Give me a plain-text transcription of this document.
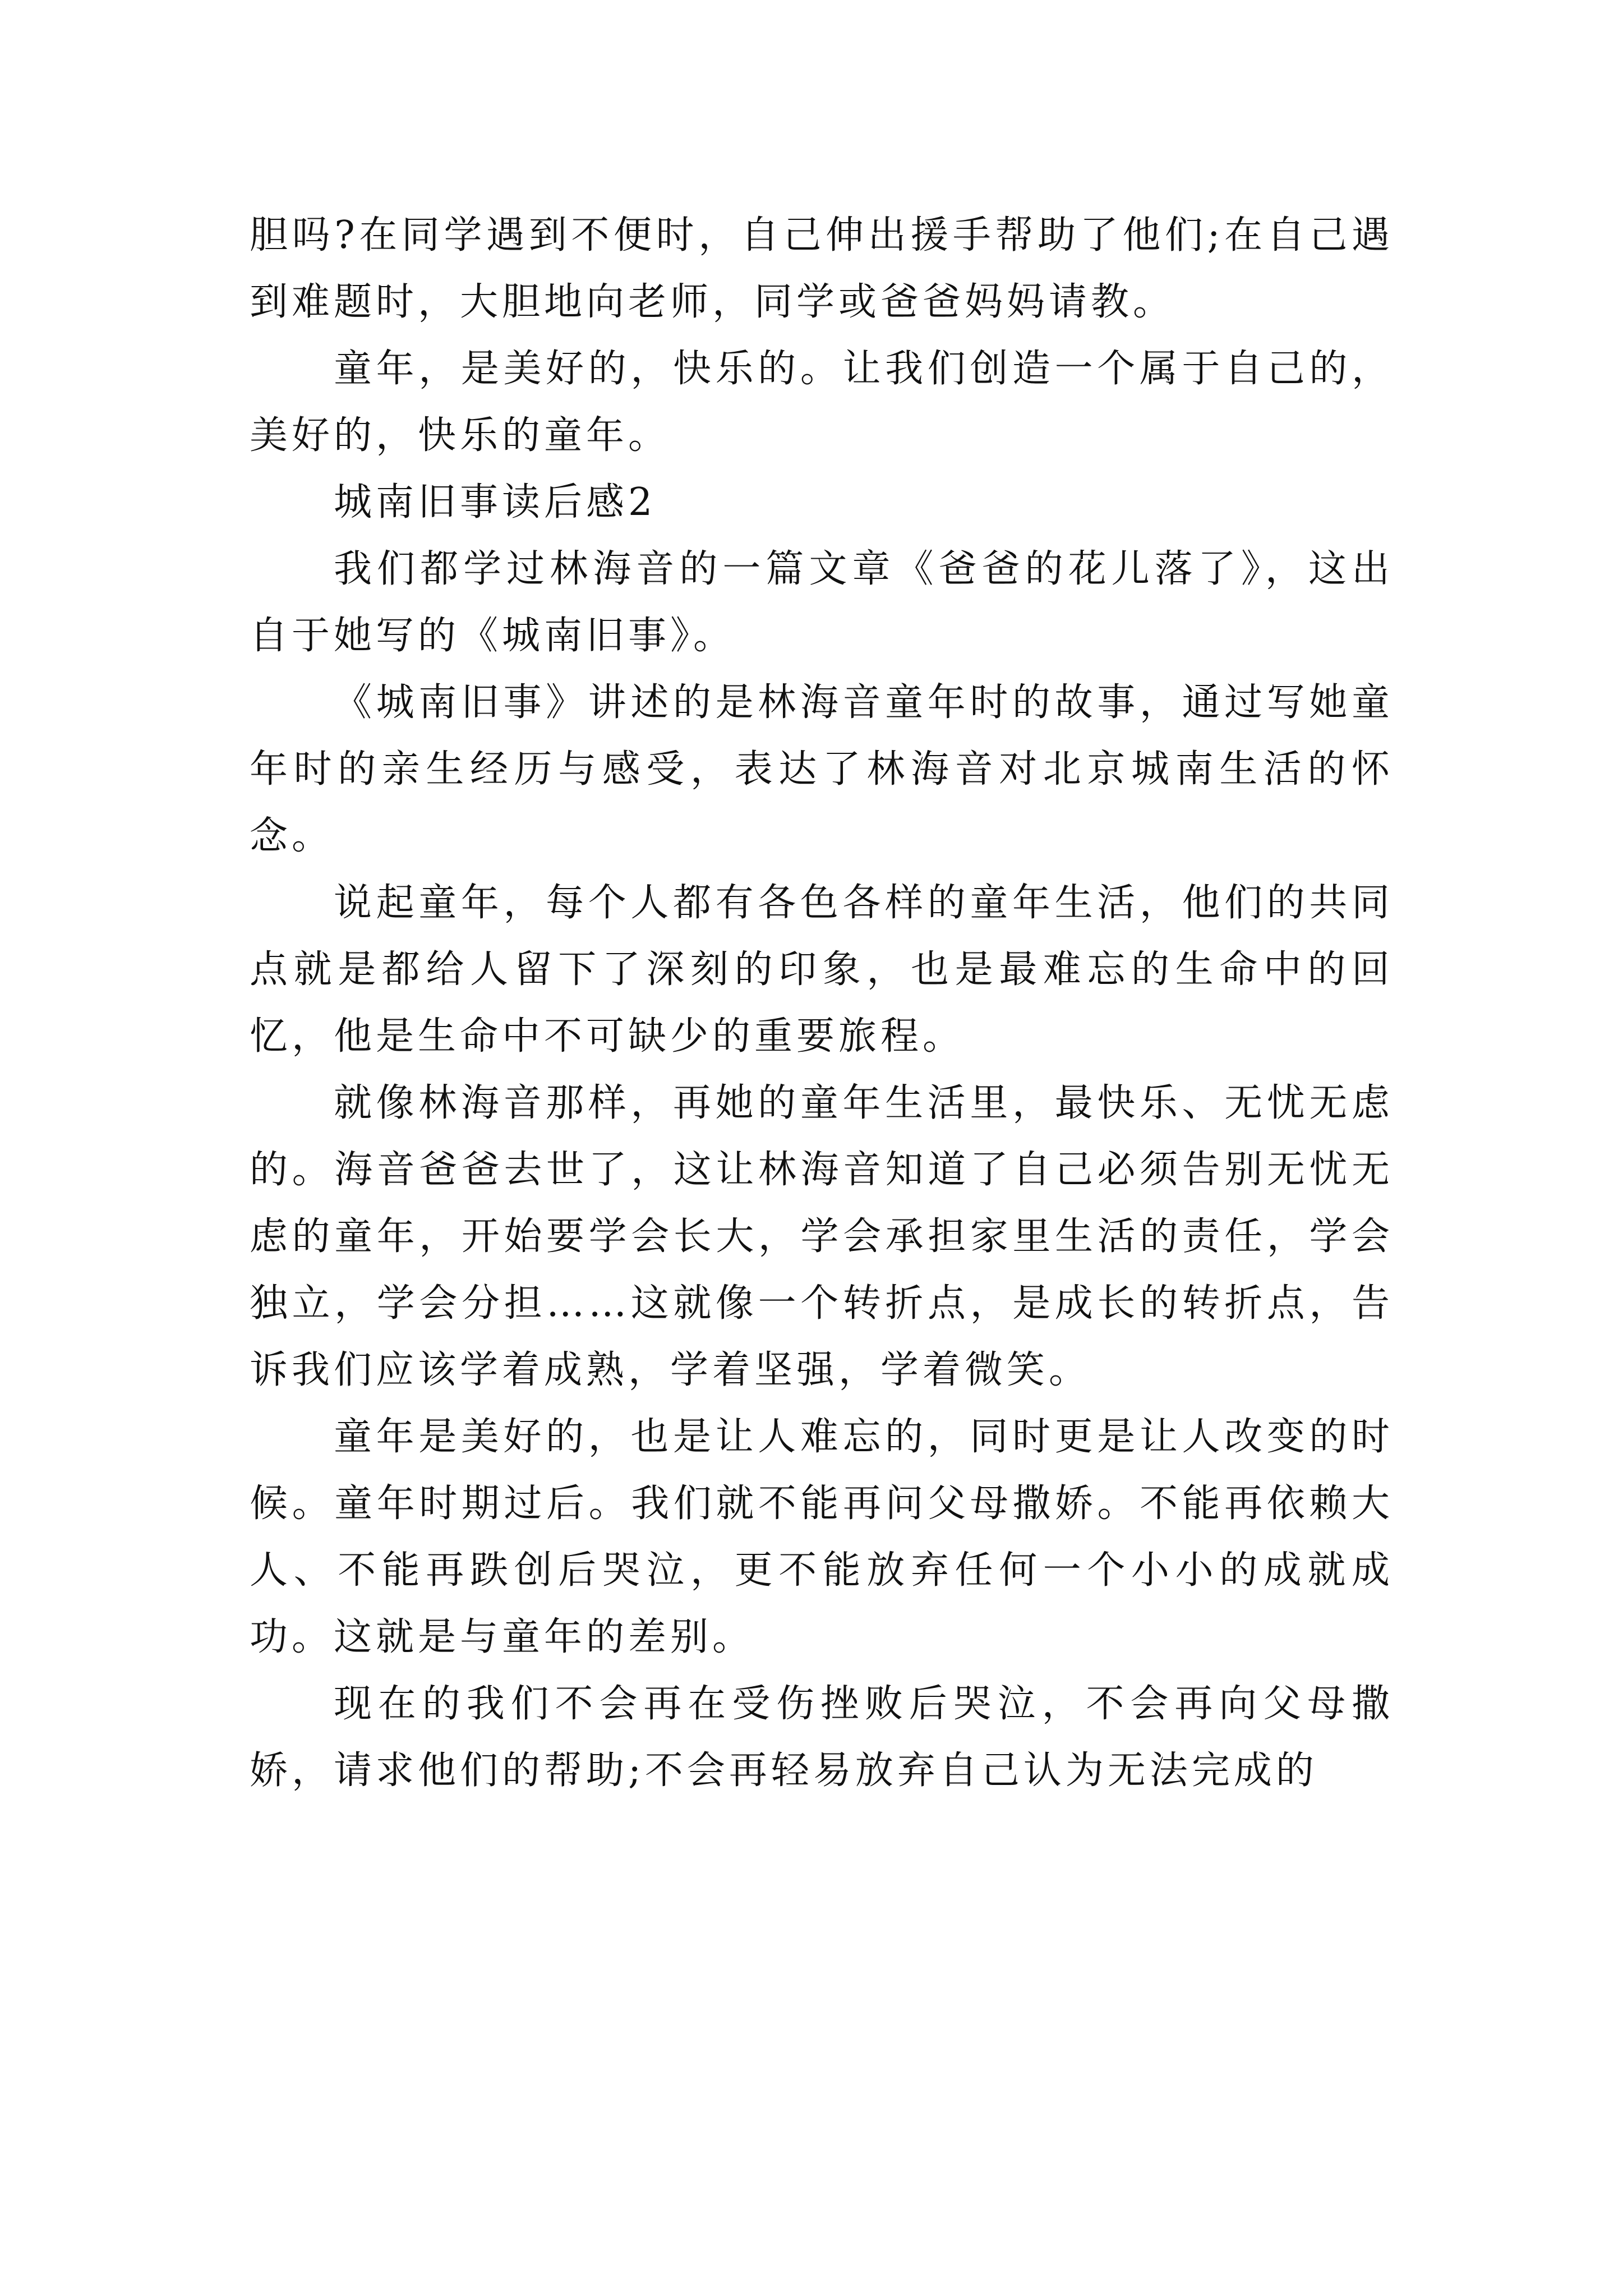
胆吗?在同学遇到不便时，自己伸出援手帮助了他们;在自己遇到难题时，大胆地向老师，同学或爸爸妈妈请教。

童年，是美好的，快乐的。让我们创造一个属于自己的，美好的，快乐的童年。

城南旧事读后感2

我们都学过林海音的一篇文章《爸爸的花儿落了》，这出自于她写的《城南旧事》。

《城南旧事》讲述的是林海音童年时的故事，通过写她童年时的亲生经历与感受，表达了林海音对北京城南生活的怀念。

说起童年，每个人都有各色各样的童年生活，他们的共同点就是都给人留下了深刻的印象，也是最难忘的生命中的回忆，他是生命中不可缺少的重要旅程。

就像林海音那样，再她的童年生活里，最快乐、无忧无虑的。海音爸爸去世了，这让林海音知道了自己必须告别无忧无虑的童年，开始要学会长大，学会承担家里生活的责任，学会独立，学会分担……这就像一个转折点，是成长的转折点，告诉我们应该学着成熟，学着坚强，学着微笑。

童年是美好的，也是让人难忘的，同时更是让人改变的时候。童年时期过后。我们就不能再问父母撒娇。不能再依赖大人、不能再跌创后哭泣，更不能放弃任何一个小小的成就成功。这就是与童年的差别。

现在的我们不会再在受伤挫败后哭泣，不会再向父母撒娇，请求他们的帮助;不会再轻易放弃自己认为无法完成的
